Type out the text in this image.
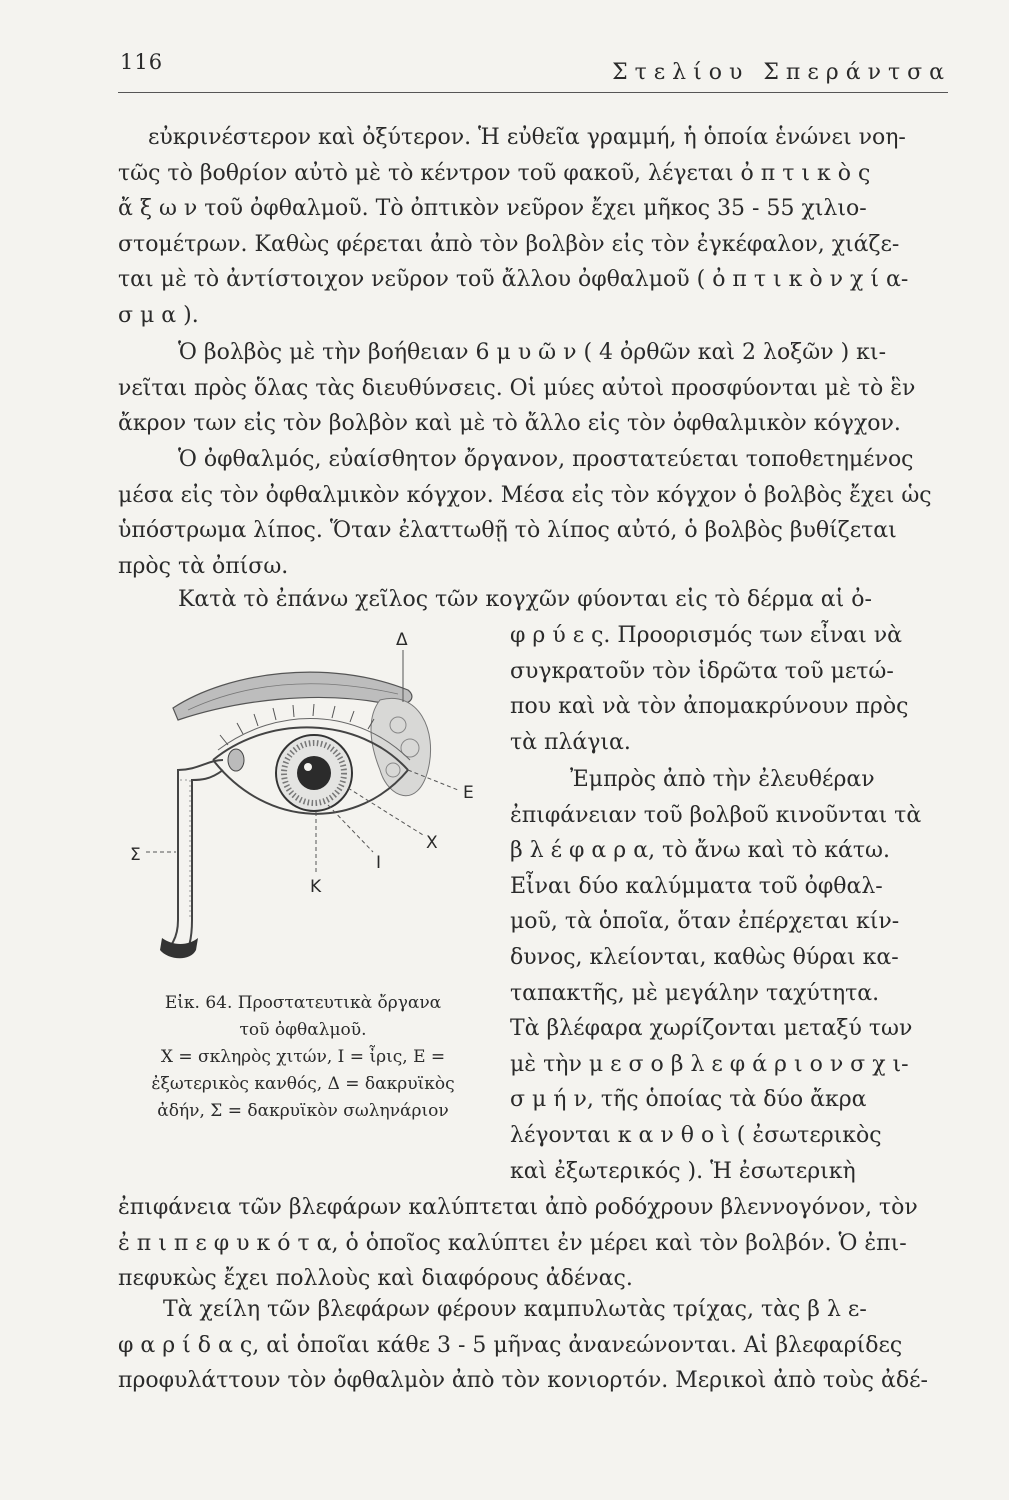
116	Στελίου Σπεράντσα

εὐκρινέστερον καὶ ὀξύτερον. Ἡ εὐθεῖα γραμμή, ἡ ὁποία ἑνώνει νοη-
τῶς τὸ βοθρίον αὐτὸ μὲ τὸ κέντρον τοῦ φακοῦ, λέγεται ὀ π τ ι κ ὸ ς
ἄ ξ ω ν τοῦ ὀφθαλμοῦ. Τὸ ὀπτικὸν νεῦρον ἔχει μῆκος 35 - 55 χιλιο-
στομέτρων. Καθὼς φέρεται ἀπὸ τὸν βολβὸν εἰς τὸν ἐγκέφαλον, χιάζε-
ται μὲ τὸ ἀντίστοιχον νεῦρον τοῦ ἄλλου ὀφθαλμοῦ ( ὀ π τ ι κ ὸ ν χ ί α-
σ μ α ).

Ὁ βολβὸς μὲ τὴν βοήθειαν 6 μ υ ῶ ν ( 4 ὀρθῶν καὶ 2 λοξῶν ) κι-
νεῖται πρὸς ὅλας τὰς διευθύνσεις. Οἱ μύες αὐτοὶ προσφύονται μὲ τὸ ἓν
ἄκρον των εἰς τὸν βολβὸν καὶ μὲ τὸ ἄλλο εἰς τὸν ὀφθαλμικὸν κόγχον.

Ὁ ὀφθαλμός, εὐαίσθητον ὄργανον, προστατεύεται τοποθετημένος
μέσα εἰς τὸν ὀφθαλμικὸν κόγχον. Μέσα εἰς τὸν κόγχον ὁ βολβὸς ἔχει ὡς
ὑπόστρωμα λίπος. Ὅταν ἐλαττωθῇ τὸ λίπος αὐτό, ὁ βολβὸς βυθίζεται
πρὸς τὰ ὀπίσω.

Κατὰ τὸ ἐπάνω χεῖλος τῶν κογχῶν φύονται εἰς τὸ δέρμα αἱ ὀ-

φ ρ ύ ε ς. Προορισμός των εἶναι νὰ
συγκρατοῦν τὸν ἱδρῶτα τοῦ μετώ-
που καὶ νὰ τὸν ἀπομακρύνουν πρὸς
τὰ πλάγια.

Ἐμπρὸς ἀπὸ τὴν ἐλευθέραν
ἐπιφάνειαν τοῦ βολβοῦ κινοῦνται τὰ
β λ έ φ α ρ α, τὸ ἄνω καὶ τὸ κάτω.
Εἶναι δύο καλύμματα τοῦ ὀφθαλ-
μοῦ, τὰ ὁποῖα, ὅταν ἐπέρχεται κίν-
δυνος, κλείονται, καθὼς θύραι κα-
ταπακτῆς, μὲ μεγάλην ταχύτητα.
Τὰ βλέφαρα χωρίζονται μεταξύ των
μὲ τὴν μ ε σ ο β λ ε φ ά ρ ι ο ν σ χ ι-
σ μ ή ν, τῆς ὁποίας τὰ δύο ἄκρα
λέγονται κ α ν θ ο ὶ ( ἐσωτερικὸς
καὶ ἐξωτερικός ). Ἡ ἐσωτερικὴ

ἐπιφάνεια τῶν βλεφάρων καλύπτεται ἀπὸ ροδόχρουν βλεννογόνον, τὸν
ἐ π ι π ε φ υ κ ό τ α, ὁ ὁποῖος καλύπτει ἐν μέρει καὶ τὸν βολβόν. Ὁ ἐπι-
πεφυκὼς ἔχει πολλοὺς καὶ διαφόρους ἀδένας.

Τὰ χείλη τῶν βλεφάρων φέρουν καμπυλωτὰς τρίχας, τὰς β λ ε-
φ α ρ ί δ α ς, αἱ ὁποῖαι κάθε 3 - 5 μῆνας ἀνανεώνονται. Αἱ βλεφαρίδες
προφυλάττουν τὸν ὀφθαλμὸν ἀπὸ τὸν κονιορτόν. Μερικοὶ ἀπὸ τοὺς ἀδέ-

Δ
Ε
Χ
Ι
Κ
Σ

Εἰκ. 64. Προστατευτικὰ ὄργανα
τοῦ ὀφθαλμοῦ.
Χ = σκληρὸς χιτών, Ι = ἶρις, Ε =
ἐξωτερικὸς κανθός, Δ = δακρυϊκὸς
ἀδήν, Σ = δακρυϊκὸν σωληνάριον
